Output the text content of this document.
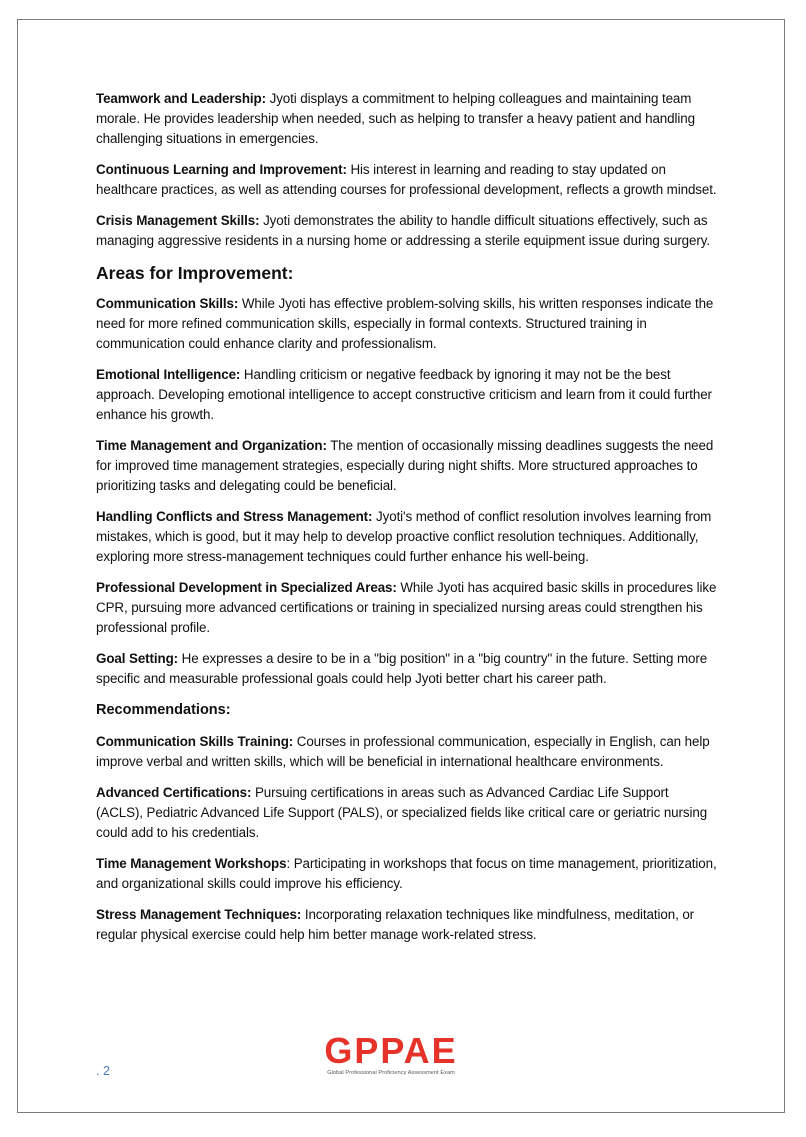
Teamwork and Leadership: Jyoti displays a commitment to helping colleagues and maintaining team morale. He provides leadership when needed, such as helping to transfer a heavy patient and handling challenging situations in emergencies.

Continuous Learning and Improvement: His interest in learning and reading to stay updated on healthcare practices, as well as attending courses for professional development, reflects a growth mindset.

Crisis Management Skills: Jyoti demonstrates the ability to handle difficult situations effectively, such as managing aggressive residents in a nursing home or addressing a sterile equipment issue during surgery.

Areas for Improvement:

Communication Skills: While Jyoti has effective problem-solving skills, his written responses indicate the need for more refined communication skills, especially in formal contexts. Structured training in communication could enhance clarity and professionalism.

Emotional Intelligence: Handling criticism or negative feedback by ignoring it may not be the best approach. Developing emotional intelligence to accept constructive criticism and learn from it could further enhance his growth.

Time Management and Organization: The mention of occasionally missing deadlines suggests the need for improved time management strategies, especially during night shifts. More structured approaches to prioritizing tasks and delegating could be beneficial.

Handling Conflicts and Stress Management: Jyoti's method of conflict resolution involves learning from mistakes, which is good, but it may help to develop proactive conflict resolution techniques. Additionally, exploring more stress-management techniques could further enhance his well-being.

Professional Development in Specialized Areas: While Jyoti has acquired basic skills in procedures like CPR, pursuing more advanced certifications or training in specialized nursing areas could strengthen his professional profile.

Goal Setting: He expresses a desire to be in a "big position" in a "big country" in the future. Setting more specific and measurable professional goals could help Jyoti better chart his career path.

Recommendations:

Communication Skills Training: Courses in professional communication, especially in English, can help improve verbal and written skills, which will be beneficial in international healthcare environments.

Advanced Certifications: Pursuing certifications in areas such as Advanced Cardiac Life Support (ACLS), Pediatric Advanced Life Support (PALS), or specialized fields like critical care or geriatric nursing could add to his credentials.

Time Management Workshops: Participating in workshops that focus on time management, prioritization, and organizational skills could improve his efficiency.

Stress Management Techniques: Incorporating relaxation techniques like mindfulness, meditation, or regular physical exercise could help him better manage work-related stress.

. 2	GPPAE
Global Professional Proficiency Assessment Exam
